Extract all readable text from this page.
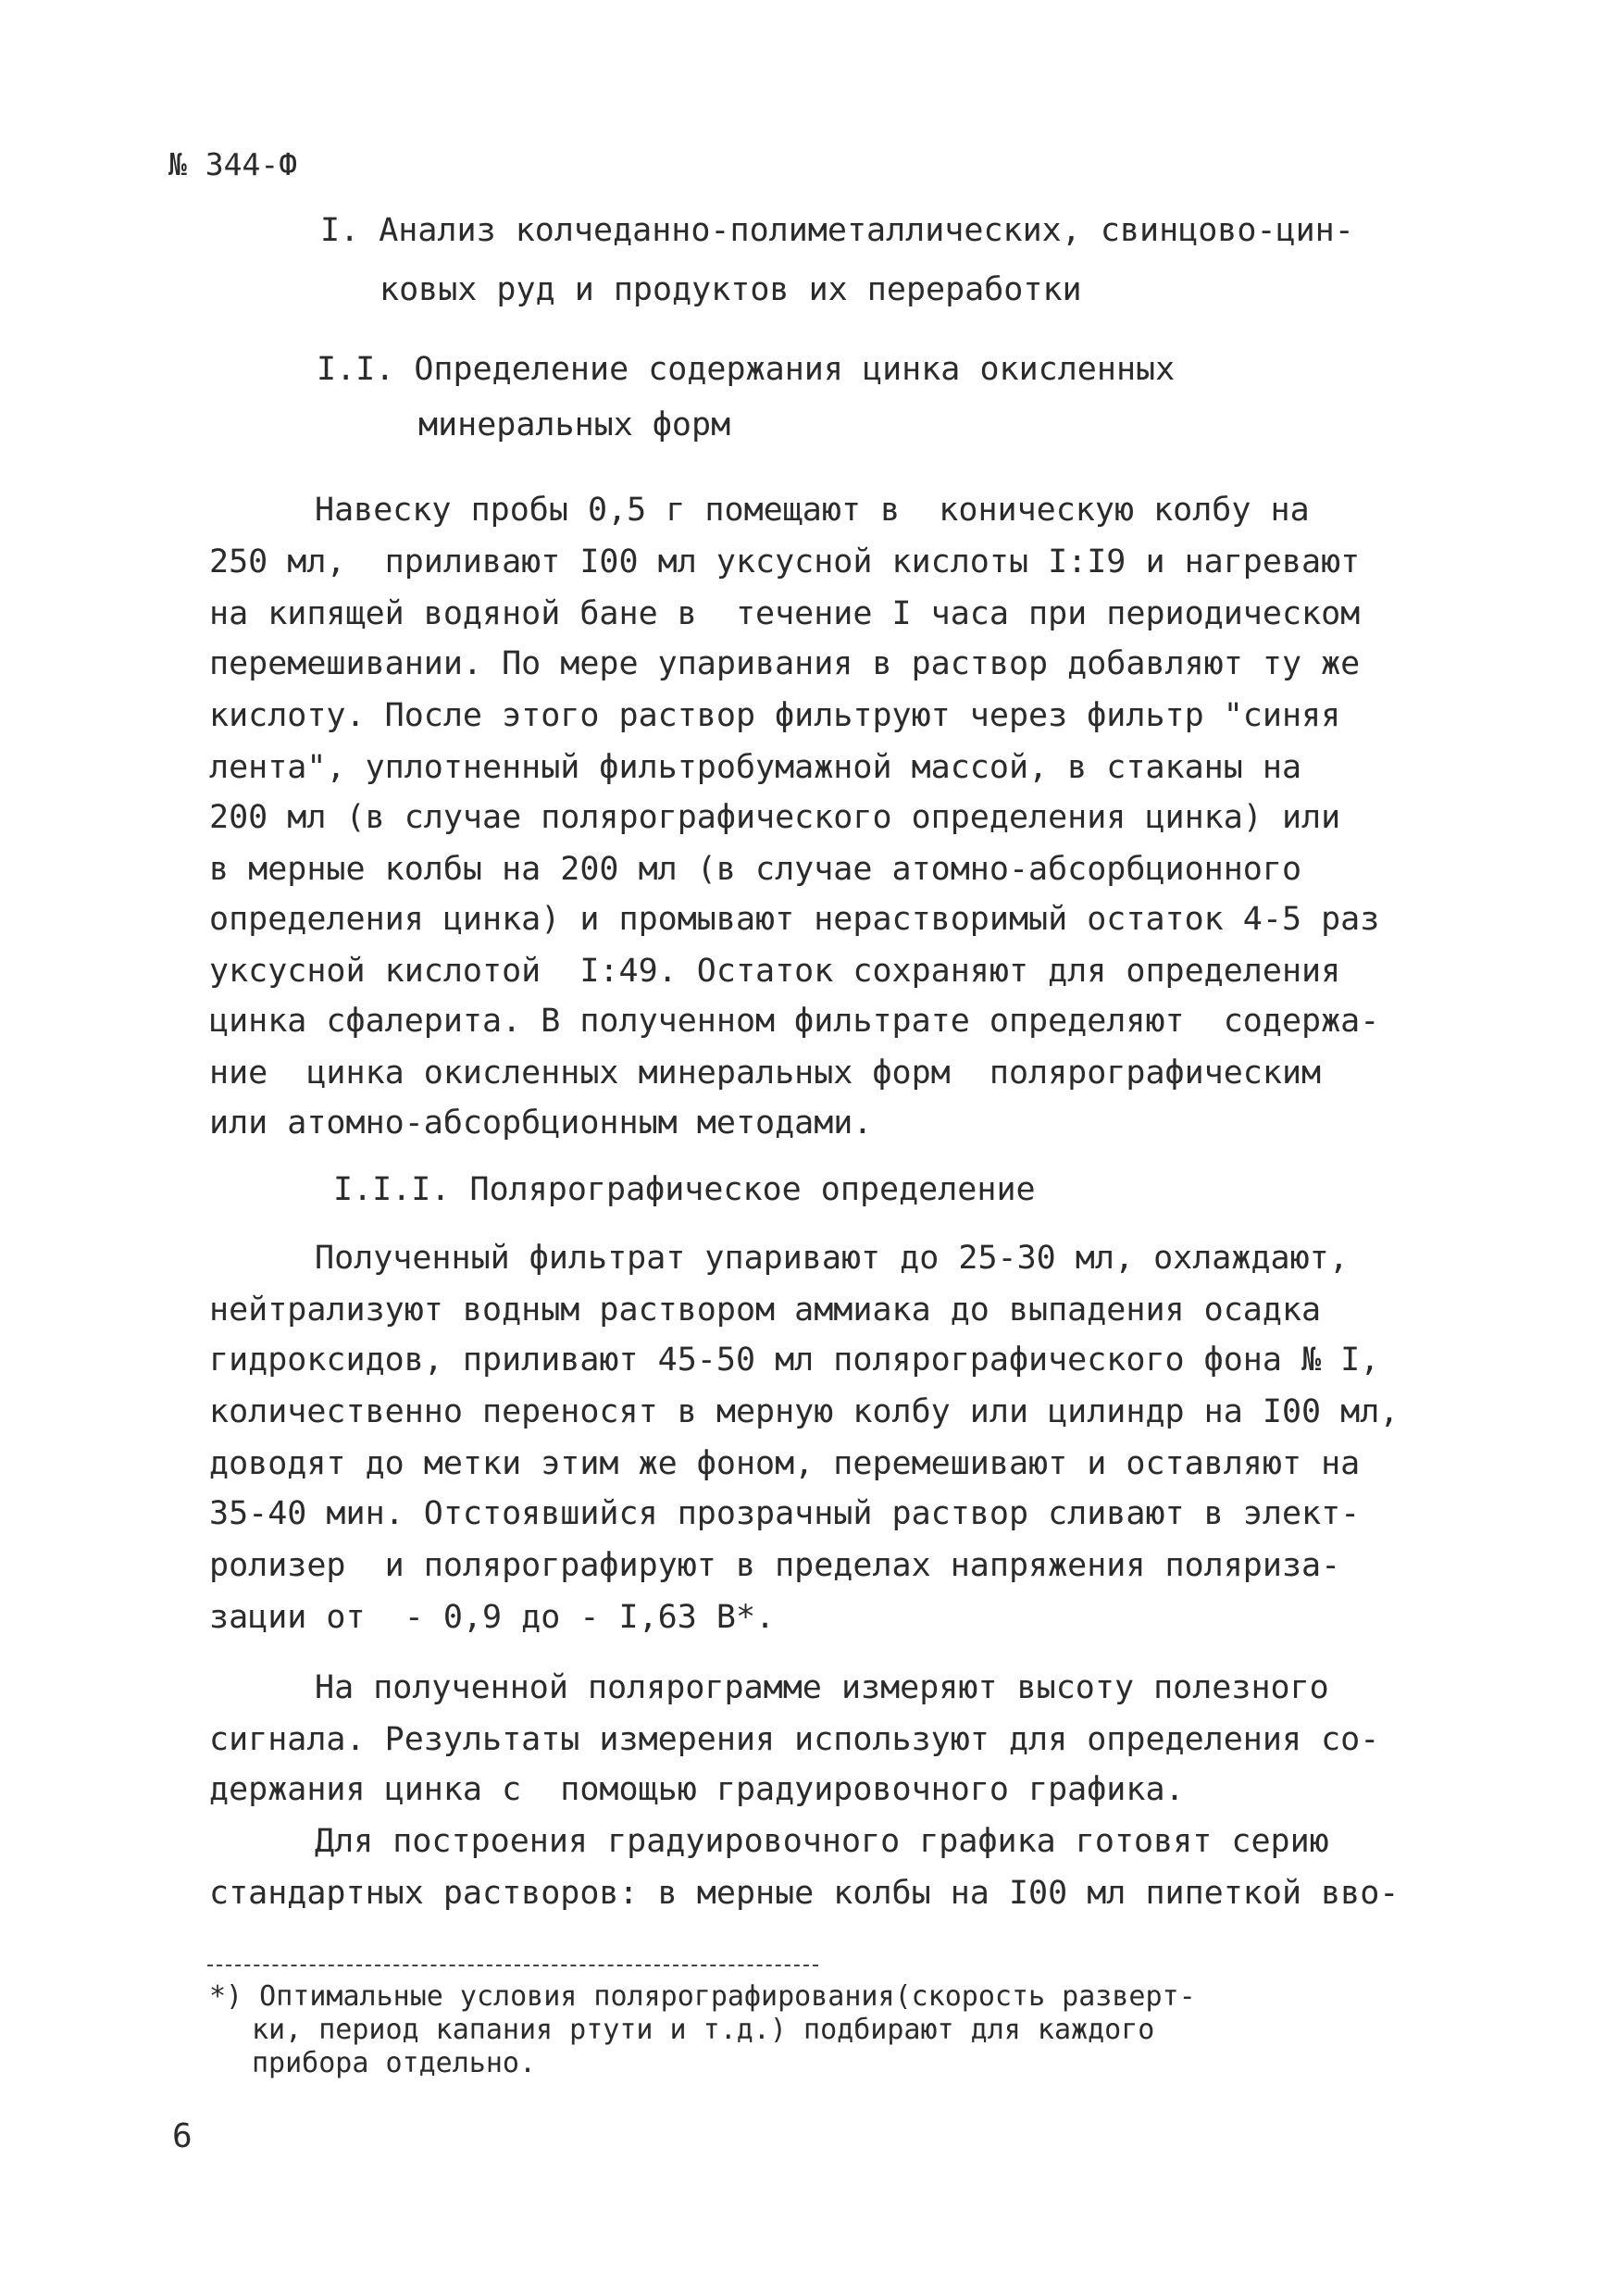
№ 344-Ф
I. Анализ колчеданно-полиметаллических, свинцово-цин-
ковых руд и продуктов их переработки
I.I. Определение содержания цинка окисленных
минеральных форм
Навеску пробы 0,5 г помещают в  коническую колбу на
250 мл,  приливают I00 мл уксусной кислоты I:I9 и нагревают
на кипящей водяной бане в  течение I часа при периодическом
перемешивании. По мере упаривания в раствор добавляют ту же
кислоту. После этого раствор фильтруют через фильтр "синяя
лента", уплотненный фильтробумажной массой, в стаканы на
200 мл (в случае полярографического определения цинка) или
в мерные колбы на 200 мл (в случае атомно-абсорбционного
определения цинка) и промывают нерастворимый остаток 4-5 раз
уксусной кислотой  I:49. Остаток сохраняют для определения
цинка сфалерита. В полученном фильтрате определяют  содержа-
ние  цинка окисленных минеральных форм  полярографическим
или атомно-абсорбционным методами.
I.I.I. Полярографическое определение
Полученный фильтрат упаривают до 25-30 мл, охлаждают,
нейтрализуют водным раствором аммиака до выпадения осадка
гидроксидов, приливают 45-50 мл полярографического фона № I,
количественно переносят в мерную колбу или цилиндр на I00 мл,
доводят до метки этим же фоном, перемешивают и оставляют на
35-40 мин. Отстоявшийся прозрачный раствор сливают в элект-
ролизер  и полярографируют в пределах напряжения поляриза-
зации от  - 0,9 до - I,63 В*.
На полученной полярограмме измеряют высоту полезного
сигнала. Результаты измерения используют для определения со-
держания цинка с  помощью градуировочного графика.
Для построения градуировочного графика готовят серию
стандартных растворов: в мерные колбы на I00 мл пипеткой вво-
*) Оптимальные условия полярографирования(скорость разверт-
ки, период капания ртути и т.д.) подбирают для каждого
прибора отдельно.
6
